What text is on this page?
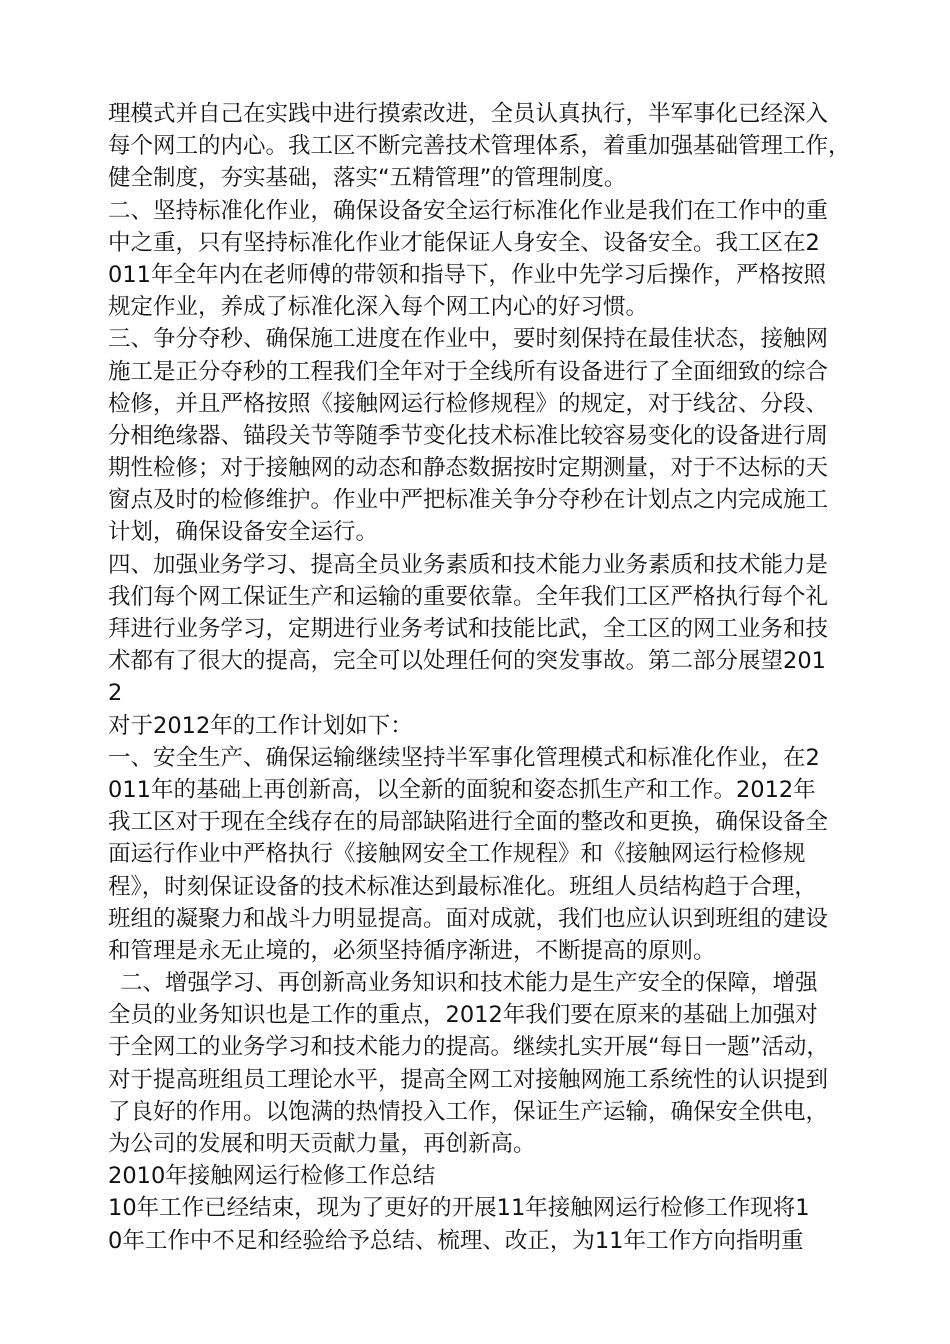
理模式并自己在实践中进行摸索改进，全员认真执行，半军事化已经深入
每个网工的内心。我工区不断完善技术管理体系，着重加强基础管理工作，
健全制度，夯实基础，落实“五精管理”的管理制度。
二、坚持标准化作业，确保设备安全运行标准化作业是我们在工作中的重
中之重，只有坚持标准化作业才能保证人身安全、设备安全。我工区在2
011年全年内在老师傅的带领和指导下，作业中先学习后操作，严格按照
规定作业，养成了标准化深入每个网工内心的好习惯。
三、争分夺秒、确保施工进度在作业中，要时刻保持在最佳状态，接触网
施工是正分夺秒的工程我们全年对于全线所有设备进行了全面细致的综合
检修，并且严格按照《接触网运行检修规程》的规定，对于线岔、分段、
分相绝缘器、锚段关节等随季节变化技术标准比较容易变化的设备进行周
期性检修；对于接触网的动态和静态数据按时定期测量，对于不达标的天
窗点及时的检修维护。作业中严把标准关争分夺秒在计划点之内完成施工
计划，确保设备安全运行。
四、加强业务学习、提高全员业务素质和技术能力业务素质和技术能力是
我们每个网工保证生产和运输的重要依靠。全年我们工区严格执行每个礼
拜进行业务学习，定期进行业务考试和技能比武，全工区的网工业务和技
术都有了很大的提高，完全可以处理任何的突发事故。第二部分展望201
2
对于2012年的工作计划如下：
一、安全生产、确保运输继续坚持半军事化管理模式和标准化作业，在2
011年的基础上再创新高，以全新的面貌和姿态抓生产和工作。2012年
我工区对于现在全线存在的局部缺陷进行全面的整改和更换，确保设备全
面运行作业中严格执行《接触网安全工作规程》和《接触网运行检修规
程》，时刻保证设备的技术标准达到最标准化。班组人员结构趋于合理，
班组的凝聚力和战斗力明显提高。面对成就，我们也应认识到班组的建设
和管理是永无止境的，必须坚持循序渐进，不断提高的原则。
二、增强学习、再创新高业务知识和技术能力是生产安全的保障，增强
全员的业务知识也是工作的重点，2012年我们要在原来的基础上加强对
于全网工的业务学习和技术能力的提高。继续扎实开展“每日一题”活动，
对于提高班组员工理论水平，提高全网工对接触网施工系统性的认识提到
了良好的作用。以饱满的热情投入工作，保证生产运输，确保安全供电，
为公司的发展和明天贡献力量，再创新高。
2010年接触网运行检修工作总结
10年工作已经结束，现为了更好的开展11年接触网运行检修工作现将1
0年工作中不足和经验给予总结、梳理、改正，为11年工作方向指明重
